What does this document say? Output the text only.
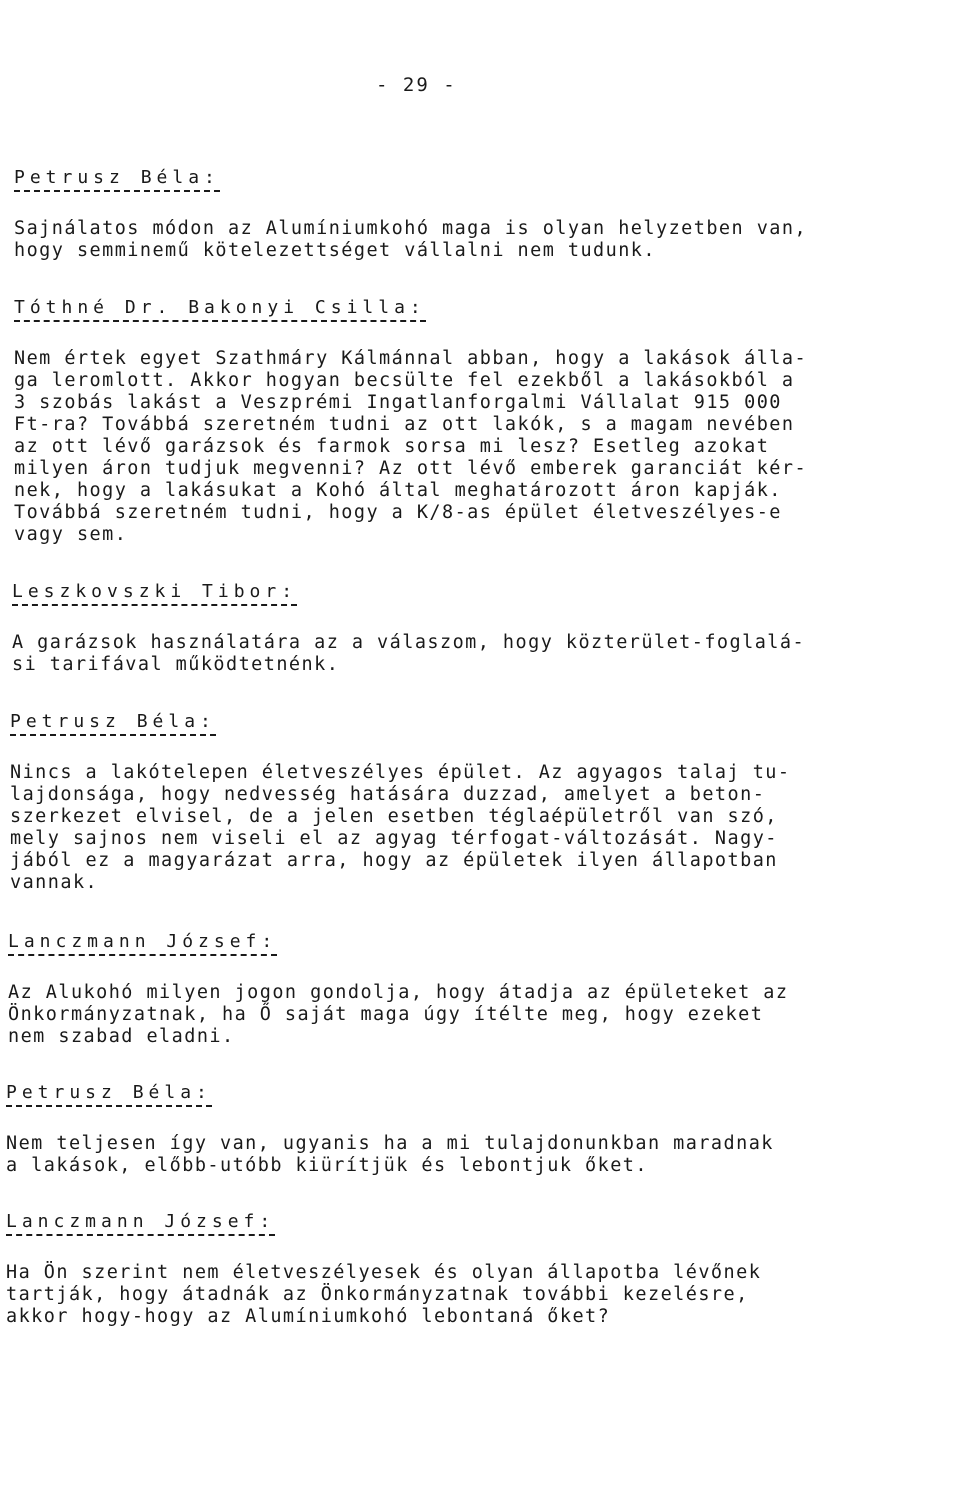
- 29 -
Petrusz Béla:
Sajnálatos módon az Alumíniumkohó maga is olyan helyzetben van,
hogy semminemű kötelezettséget vállalni nem tudunk.
Tóthné Dr. Bakonyi Csilla:
Nem értek egyet Szathmáry Kálmánnal abban, hogy a lakások álla-
ga leromlott. Akkor hogyan becsülte fel ezekből a lakásokból a
3 szobás lakást a Veszprémi Ingatlanforgalmi Vállalat 915 000
Ft-ra? Továbbá szeretném tudni az ott lakók, s a magam nevében
az ott lévő garázsok és farmok sorsa mi lesz? Esetleg azokat
milyen áron tudjuk megvenni? Az ott lévő emberek garanciát kér-
nek, hogy a lakásukat a Kohó által meghatározott áron kapják.
Továbbá szeretném tudni, hogy a K/8-as épület életveszélyes-e
vagy sem.
Leszkovszki Tibor:
A garázsok használatára az a válaszom, hogy közterület-foglalá-
si tarifával működtetnénk.
Petrusz Béla:
Nincs a lakótelepen életveszélyes épület. Az agyagos talaj tu-
lajdonsága, hogy nedvesség hatására duzzad, amelyet a beton-
szerkezet elvisel, de a jelen esetben téglaépületről van szó,
mely sajnos nem viseli el az agyag térfogat-változását. Nagy-
jából ez a magyarázat arra, hogy az épületek ilyen állapotban
vannak.
Lanczmann József:
Az Alukohó milyen jogon gondolja, hogy átadja az épületeket az
Önkormányzatnak, ha Ő saját maga úgy ítélte meg, hogy ezeket
nem szabad eladni.
Petrusz Béla:
Nem teljesen így van, ugyanis ha a mi tulajdonunkban maradnak
a lakások, előbb-utóbb kiürítjük és lebontjuk őket.
Lanczmann József:
Ha Ön szerint nem életveszélyesek és olyan állapotba lévőnek
tartják, hogy átadnák az Önkormányzatnak további kezelésre,
akkor hogy-hogy az Alumíniumkohó lebontaná őket?
